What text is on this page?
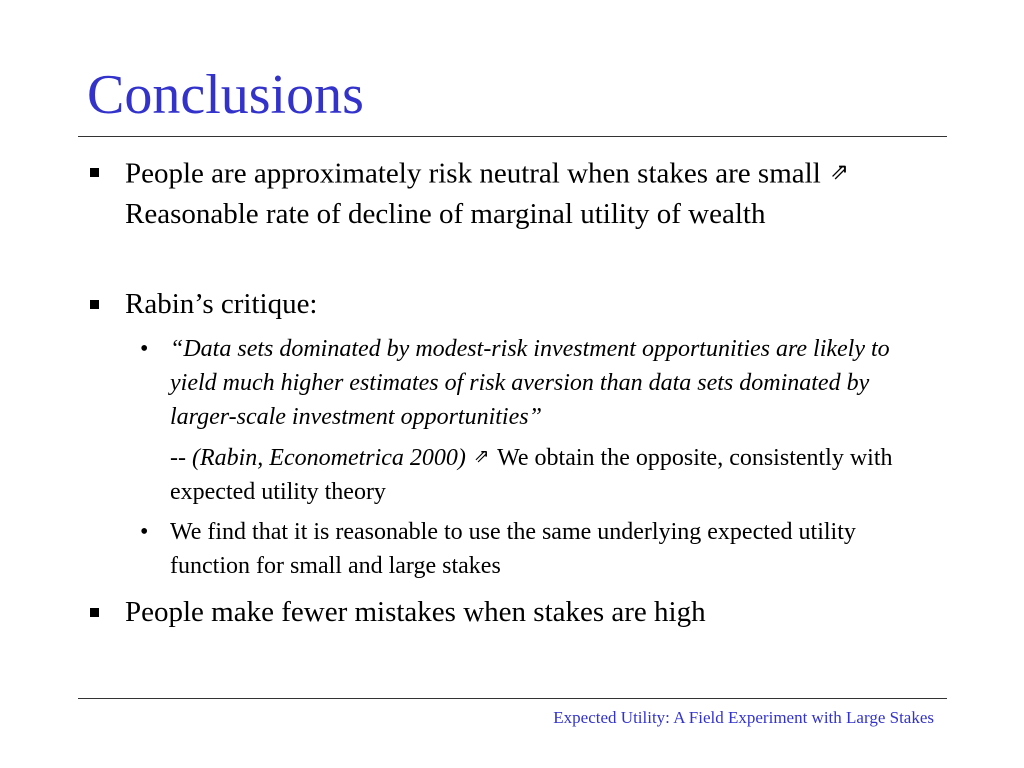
Conclusions
People are approximately risk neutral when stakes are small ⇗ Reasonable rate of decline of marginal utility of wealth
Rabin’s critique:
• “Data sets dominated by modest-risk investment opportunities are likely to yield much higher estimates of risk aversion than data sets dominated by larger-scale investment opportunities”
-- (Rabin, Econometrica 2000) ⇗ We obtain the opposite, consistently with expected utility theory
• We find that it is reasonable to use the same underlying expected utility function for small and large stakes
People make fewer mistakes when stakes are high
Expected Utility: A Field Experiment with Large Stakes
